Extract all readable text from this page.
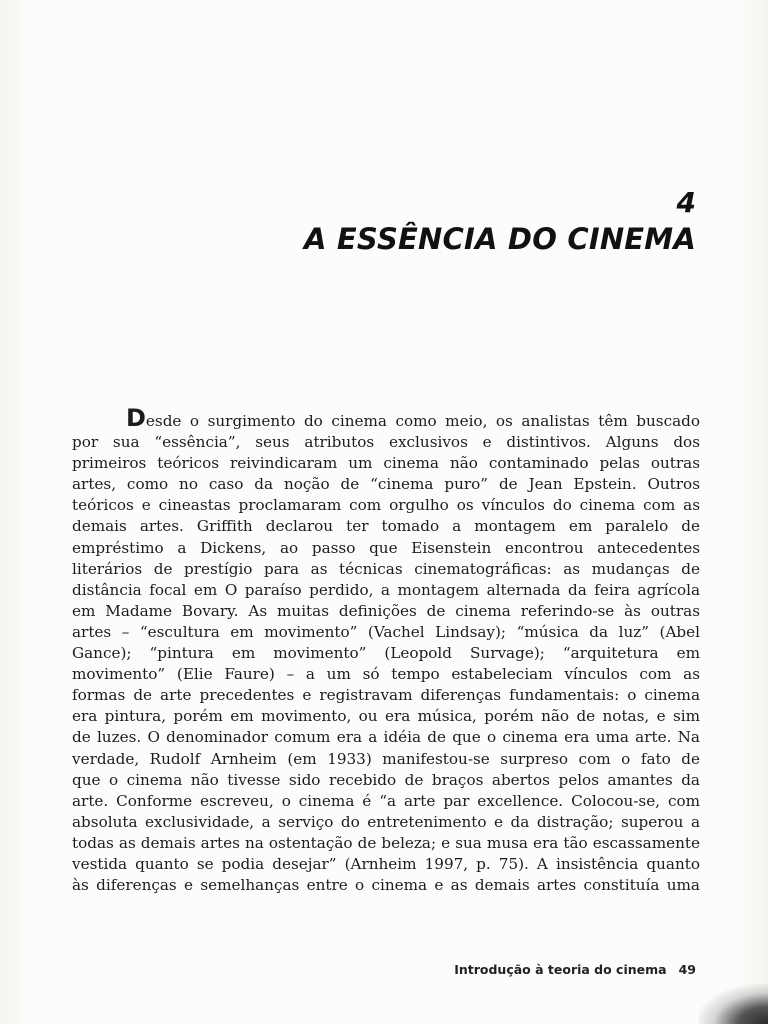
4
A ESSÊNCIA DO CINEMA
Desde o surgimento do cinema como meio, os analistas têm buscado
por sua “essência”, seus atributos exclusivos e distintivos. Alguns dos
primeiros teóricos reivindicaram um cinema não contaminado pelas outras
artes, como no caso da noção de “cinema puro” de Jean Epstein. Outros
teóricos e cineastas proclamaram com orgulho os vínculos do cinema com as
demais artes. Griffith declarou ter tomado a montagem em paralelo de
empréstimo a Dickens, ao passo que Eisenstein encontrou antecedentes
literários de prestígio para as técnicas cinematográficas: as mudanças de
distância focal em O paraíso perdido, a montagem alternada da feira agrícola
em Madame Bovary. As muitas definições de cinema referindo-se às outras
artes – “escultura em movimento” (Vachel Lindsay); “música da luz” (Abel
Gance); “pintura em movimento” (Leopold Survage); “arquitetura em
movimento” (Elie Faure) – a um só tempo estabeleciam vínculos com as
formas de arte precedentes e registravam diferenças fundamentais: o cinema
era pintura, porém em movimento, ou era música, porém não de notas, e sim
de luzes. O denominador comum era a idéia de que o cinema era uma arte. Na
verdade, Rudolf Arnheim (em 1933) manifestou-se surpreso com o fato de
que o cinema não tivesse sido recebido de braços abertos pelos amantes da
arte. Conforme escreveu, o cinema é “a arte par excellence. Colocou-se, com
absoluta exclusividade, a serviço do entretenimento e da distração; superou a
todas as demais artes na ostentação de beleza; e sua musa era tão escassamente
vestida quanto se podia desejar” (Arnheim 1997, p. 75). A insistência quanto
às diferenças e semelhanças entre o cinema e as demais artes constituía uma
Introdução à teoria do cinema 49
